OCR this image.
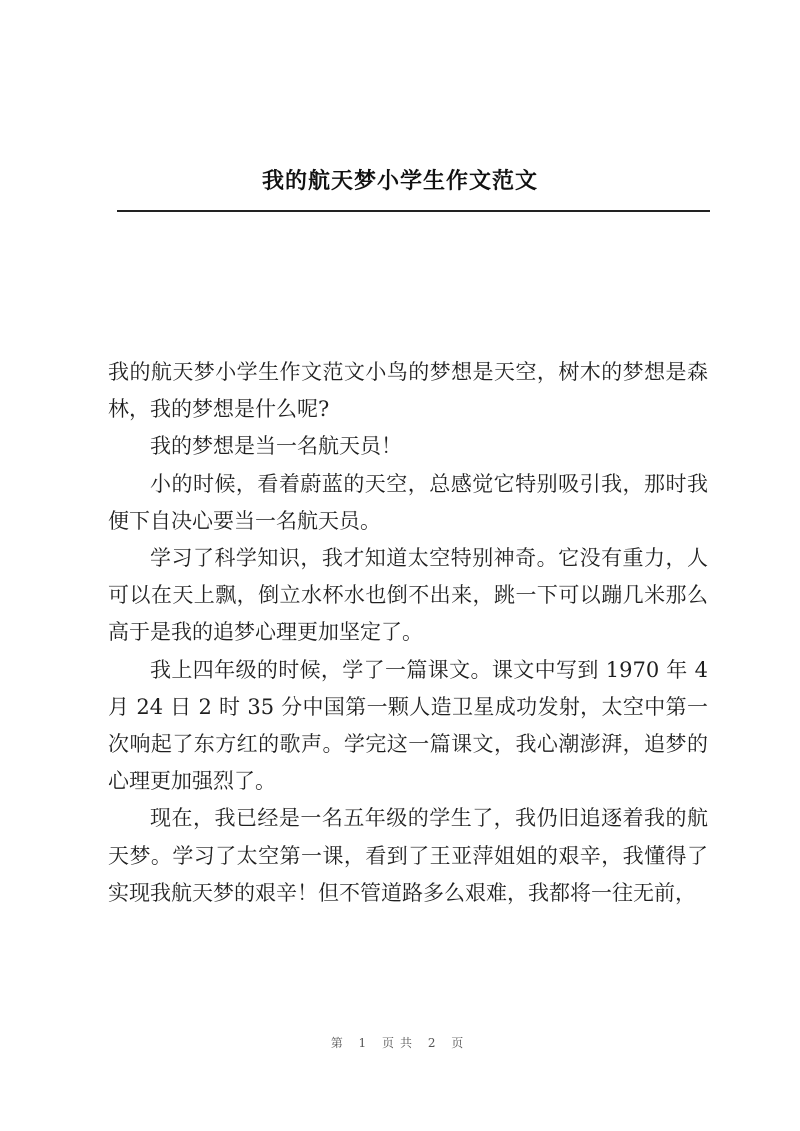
我的航天梦小学生作文范文

我的航天梦小学生作文范文小鸟的梦想是天空，树木的梦想是森林，我的梦想是什么呢?

我的梦想是当一名航天员！

小的时候，看着蔚蓝的天空，总感觉它特别吸引我，那时我便下自决心要当一名航天员。

学习了科学知识，我才知道太空特别神奇。它没有重力，人可以在天上飘，倒立水杯水也倒不出来，跳一下可以蹦几米那么高于是我的追梦心理更加坚定了。

我上四年级的时候，学了一篇课文。课文中写到 1970 年 4 月 24 日 2 时 35 分中国第一颗人造卫星成功发射，太空中第一次响起了东方红的歌声。学完这一篇课文，我心潮澎湃，追梦的心理更加强烈了。

现在，我已经是一名五年级的学生了，我仍旧追逐着我的航天梦。学习了太空第一课，看到了王亚萍姐姐的艰辛，我懂得了实现我航天梦的艰辛！但不管道路多么艰难，我都将一往无前，

第 1 页共 2 页
